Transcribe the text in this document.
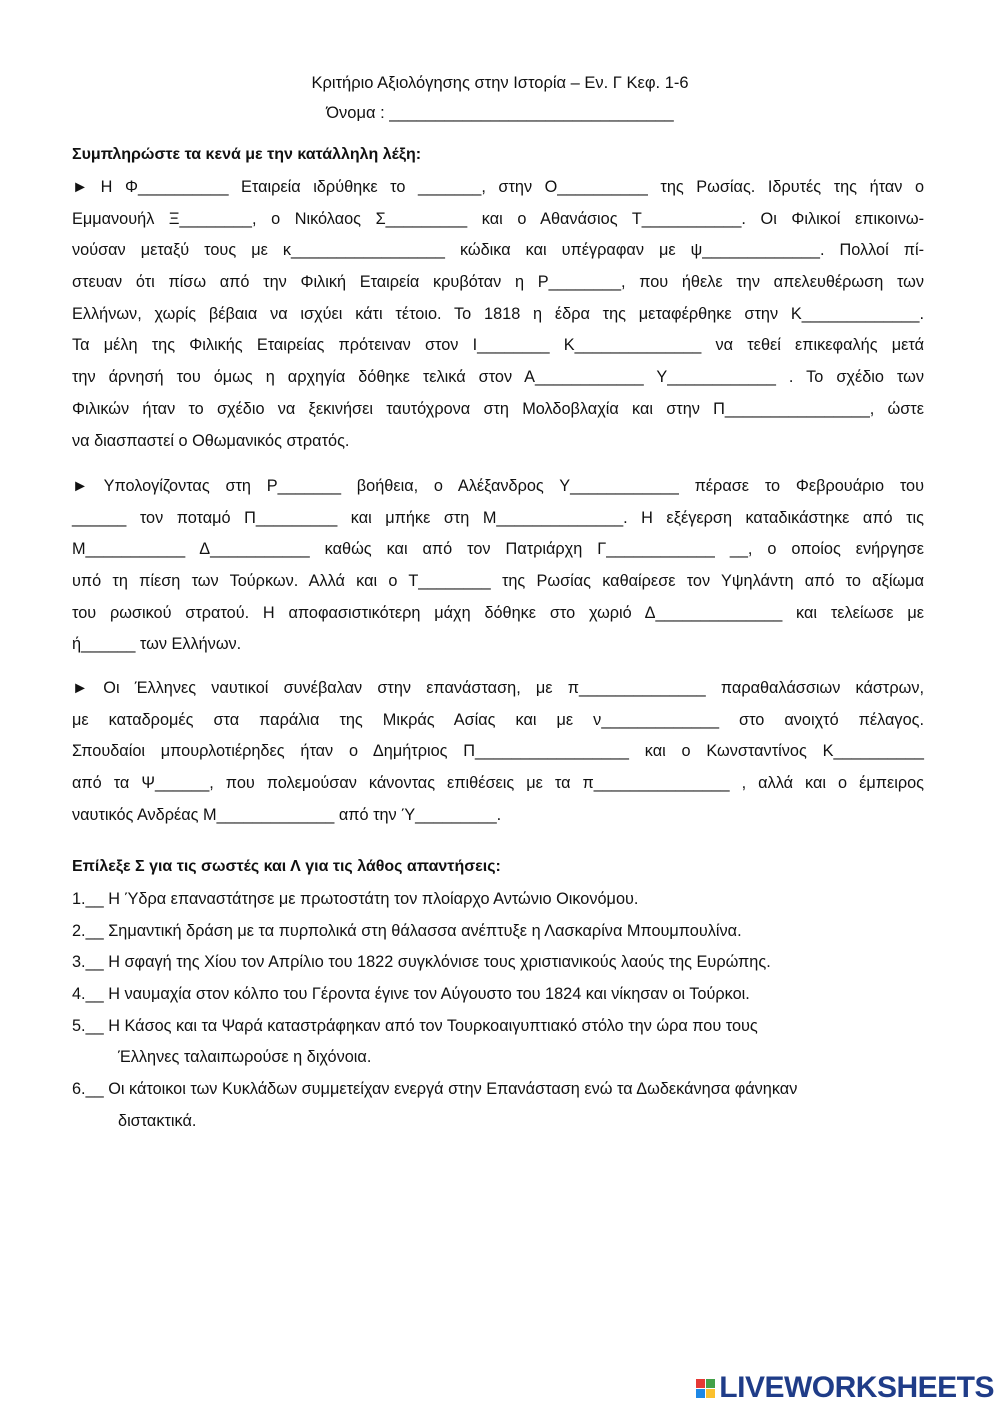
Κριτήριο Αξιολόγησης στην Ιστορία – Εν. Γ Κεφ. 1-6
Όνομα : _______________________________
Συμπληρώστε τα κενά με την κατάλληλη λέξη:
► Η Φ__________ Εταιρεία ιδρύθηκε το _______, στην Ο__________ της Ρωσίας. Ιδρυτές της ήταν ο
Εμμανουήλ Ξ________, ο Νικόλαος Σ_________ και ο Αθανάσιος Τ___________. Οι Φιλικοί επικοινω-
νούσαν μεταξύ τους με κ_________________ κώδικα και υπέγραφαν με ψ_____________. Πολλοί πί-
στευαν ότι πίσω από την Φιλική Εταιρεία κρυβόταν η Ρ________, που ήθελε την απελευθέρωση των
Ελλήνων, χωρίς βέβαια να ισχύει κάτι τέτοιο. Το 1818 η έδρα της μεταφέρθηκε στην Κ_____________.
Τα μέλη της Φιλικής Εταιρείας πρότειναν στον Ι________ Κ______________ να τεθεί επικεφαλής μετά
την άρνησή του όμως η αρχηγία δόθηκε τελικά στον Α____________ Υ____________ . Το σχέδιο των
Φιλικών ήταν το σχέδιο να ξεκινήσει ταυτόχρονα στη Μολδοβλαχία και στην Π________________, ώστε
να διασπαστεί ο Οθωμανικός στρατός.
► Υπολογίζοντας στη Ρ_______ βοήθεια, ο Αλέξανδρος Υ____________ πέρασε το Φεβρουάριο του
______ τον ποταμό Π_________ και μπήκε στη Μ______________. Η εξέγερση καταδικάστηκε από τις
Μ___________ Δ___________ καθώς και από τον Πατριάρχη Γ____________ __, ο οποίος ενήργησε
υπό τη πίεση των Τούρκων. Αλλά και ο Τ________ της Ρωσίας καθαίρεσε τον Υψηλάντη από το αξίωμα
του ρωσικού στρατού. Η αποφασιστικότερη μάχη δόθηκε στο χωριό Δ______________ και τελείωσε με
ή______ των Ελλήνων.
► Οι Έλληνες ναυτικοί συνέβαλαν στην επανάσταση, με π______________ παραθαλάσσιων κάστρων,
με καταδρομές στα παράλια της Μικράς Ασίας και με ν_____________ στο ανοιχτό πέλαγος.
Σπουδαίοι μπουρλοτιέρηδες ήταν ο Δημήτριος Π_________________ και ο Κωνσταντίνος Κ__________
από τα Ψ______, που πολεμούσαν κάνοντας επιθέσεις με τα π_______________ , αλλά και ο έμπειρος
ναυτικός Ανδρέας Μ_____________ από την Ύ_________.
Επίλεξε Σ για τις σωστές και Λ για τις λάθος απαντήσεις:
1.__ Η Ύδρα επαναστάτησε με πρωτοστάτη τον πλοίαρχο Αντώνιο Οικονόμου.
2.__ Σημαντική δράση με τα πυρπολικά στη θάλασσα ανέπτυξε η Λασκαρίνα Μπουμπουλίνα.
3.__ Η σφαγή της Χίου τον Απρίλιο του 1822 συγκλόνισε τους χριστιανικούς λαούς της Ευρώπης.
4.__ Η ναυμαχία στον κόλπο του Γέροντα έγινε τον Αύγουστο του 1824 και νίκησαν οι Τούρκοι.
5.__ Η Κάσος και τα Ψαρά καταστράφηκαν από τον Τουρκοαιγυπτιακό στόλο την ώρα που τους
Έλληνες ταλαιπωρούσε η διχόνοια.
6.__ Οι κάτοικοι των Κυκλάδων συμμετείχαν ενεργά στην Επανάσταση ενώ τα Δωδεκάνησα φάνηκαν
διστακτικά.
LIVEWORKSHEETS
